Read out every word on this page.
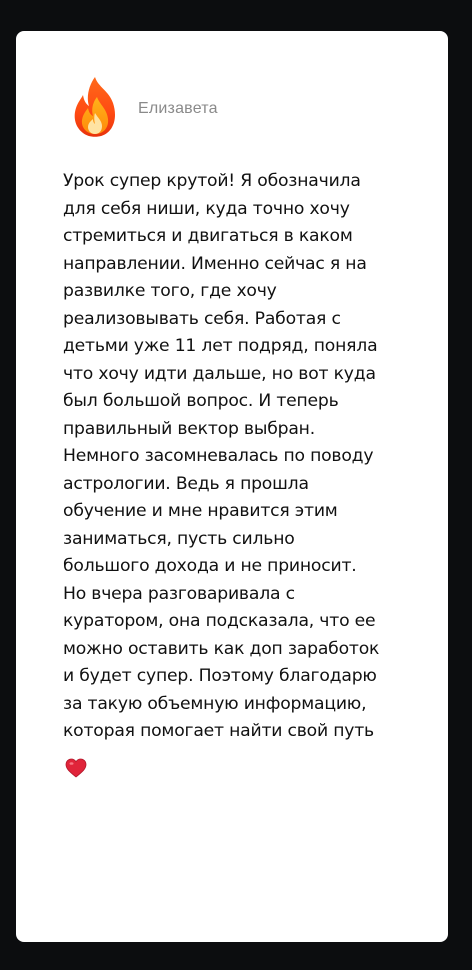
Елизавета
Урок супер крутой! Я обозначила
для себя ниши, куда точно хочу
стремиться и двигаться в каком
направлении. Именно сейчас я на
развилке того, где хочу
реализовывать себя. Работая с
детьми уже 11 лет подряд, поняла
что хочу идти дальше, но вот куда
был большой вопрос. И теперь
правильный вектор выбран.
Немного засомневалась по поводу
астрологии. Ведь я прошла
обучение и мне нравится этим
заниматься, пусть сильно
большого дохода и не приносит.
Но вчера разговаривала с
куратором, она подсказала, что ее
можно оставить как доп заработок
и будет супер. Поэтому благодарю
за такую объемную информацию,
которая помогает найти свой путь
